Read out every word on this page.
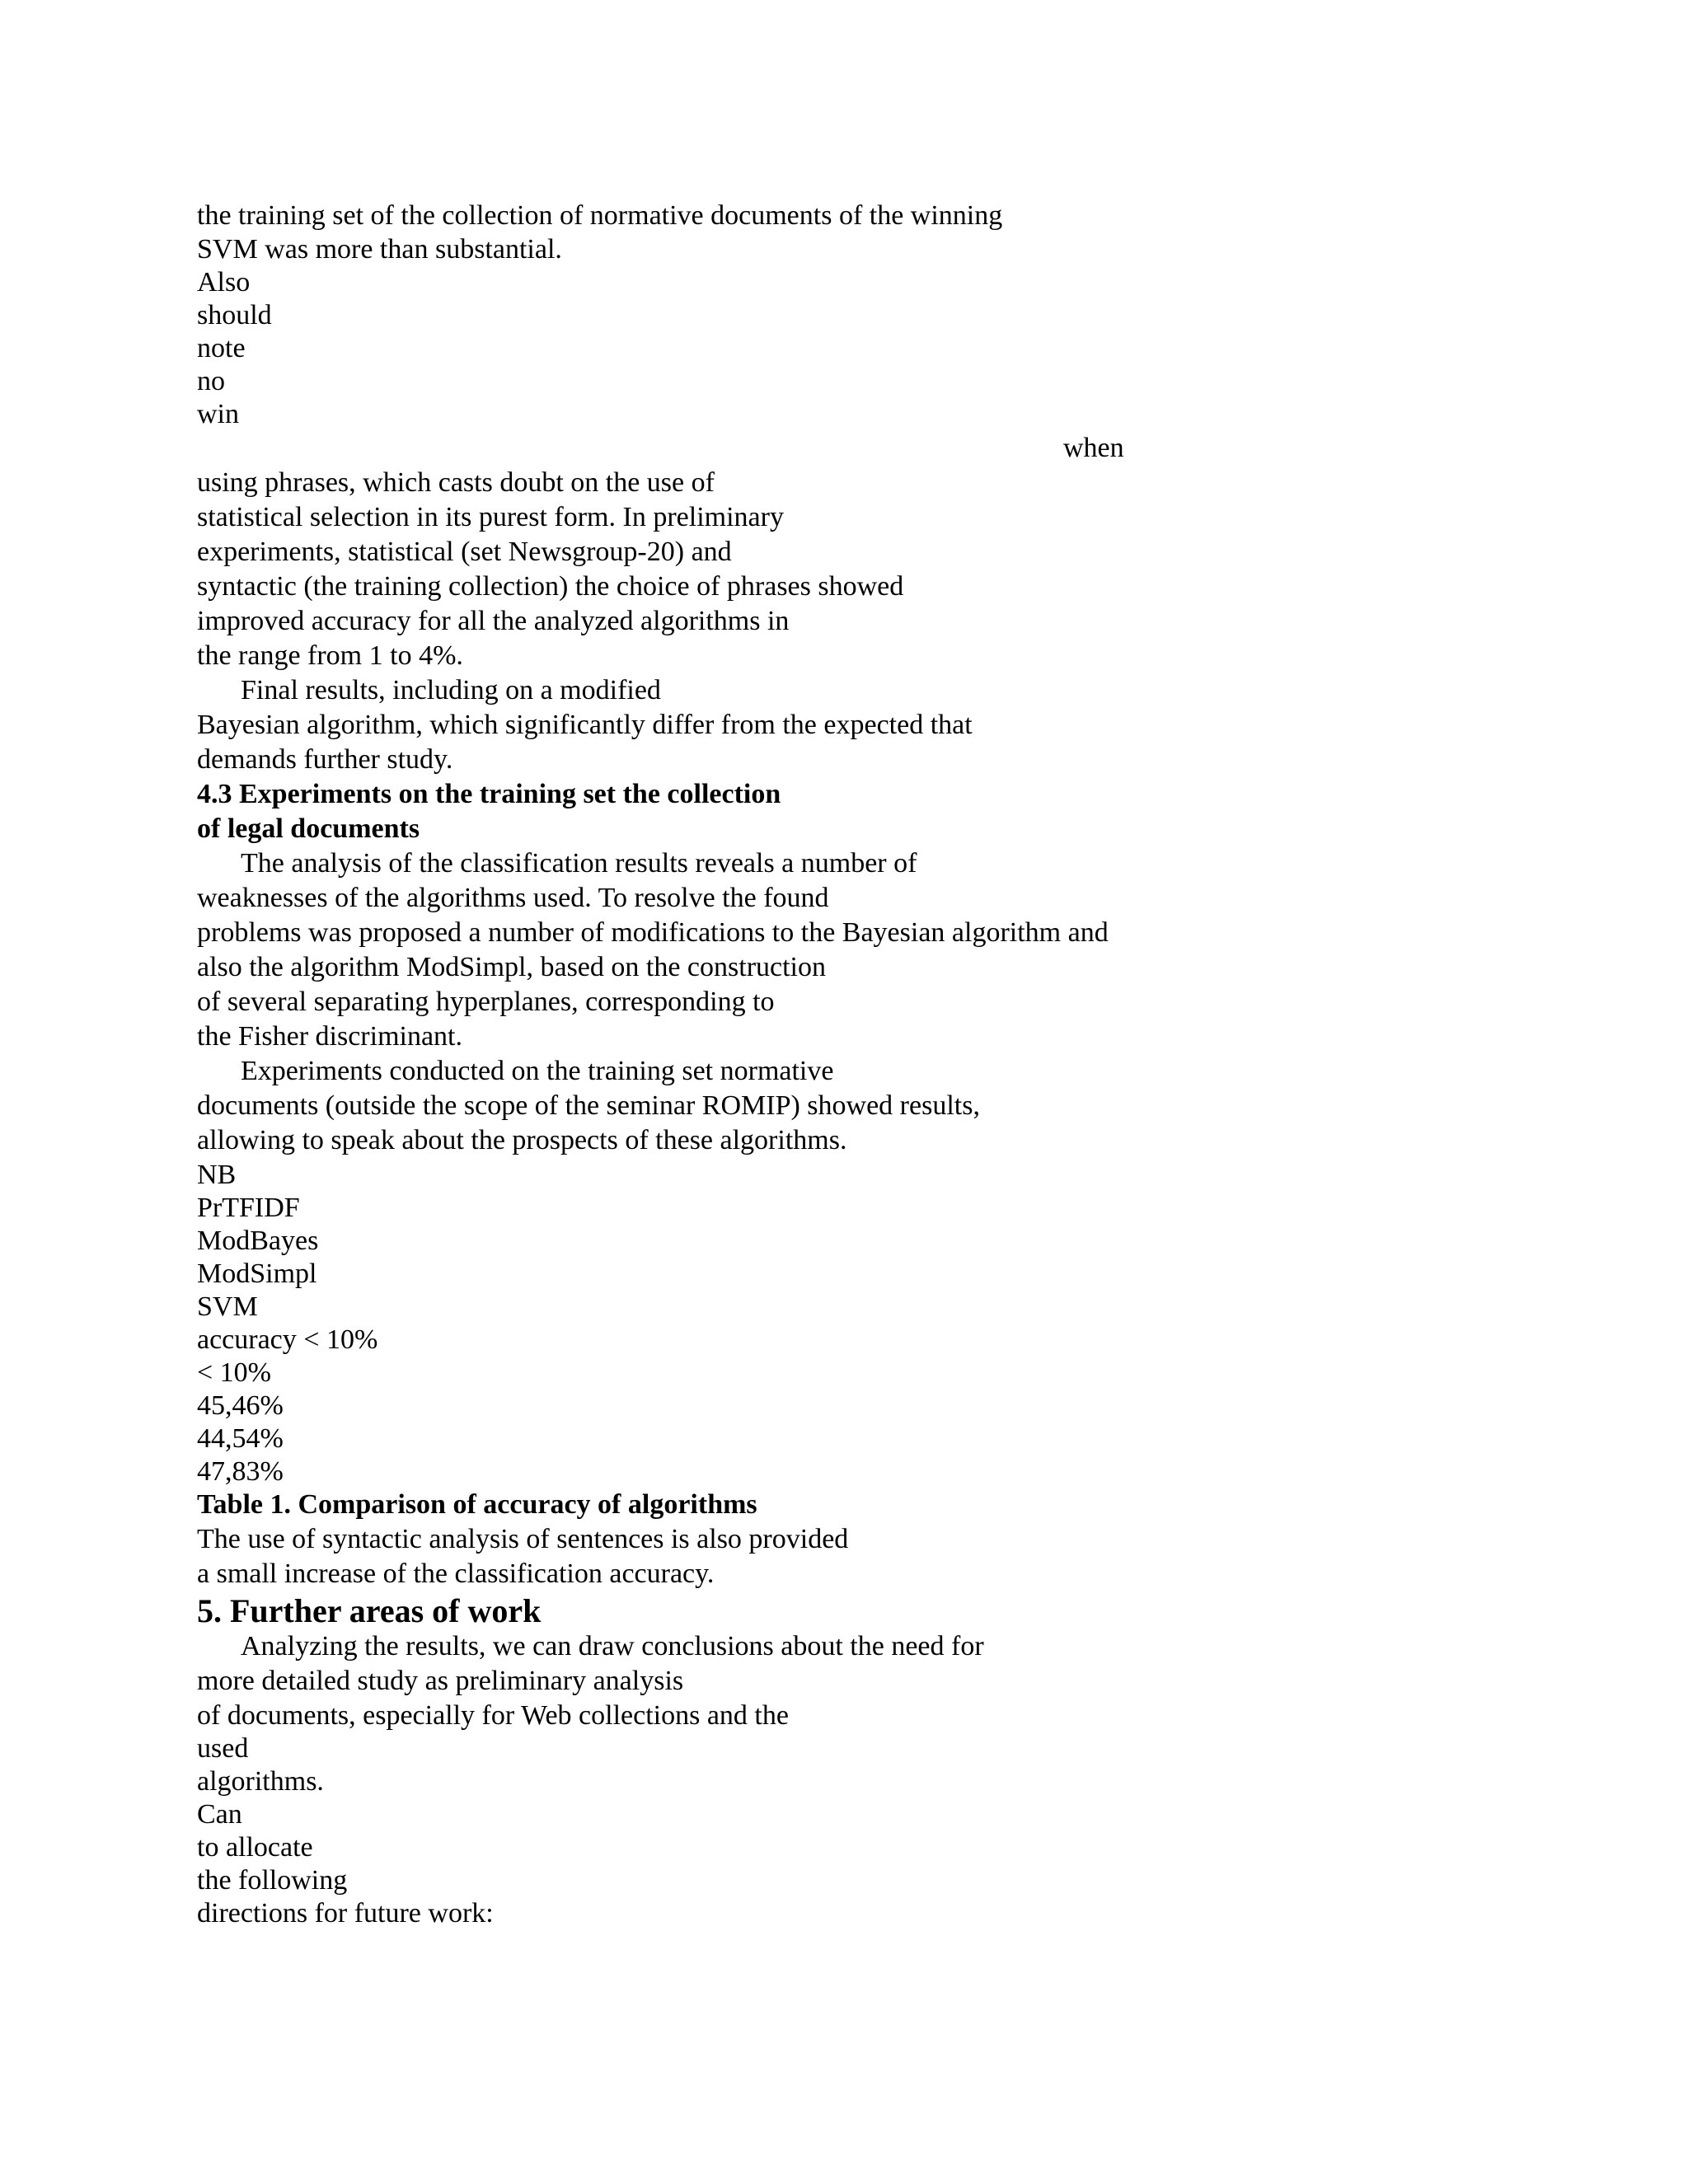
the training set of the collection of normative documents of the winning
SVM was more than substantial.
Also
should
note
no
win
when
using phrases, which casts doubt on the use of
statistical selection in its purest form. In preliminary
experiments, statistical (set Newsgroup-20) and
syntactic (the training collection) the choice of phrases showed
improved accuracy for all the analyzed algorithms in
the range from 1 to 4%.
Final results, including on a modified
Bayesian algorithm, which significantly differ from the expected that
demands further study.
4.3 Experiments on the training set the collection
of legal documents
The analysis of the classification results reveals a number of
weaknesses of the algorithms used. To resolve the found
problems was proposed a number of modifications to the Bayesian algorithm and
also the algorithm ModSimpl, based on the construction
of several separating hyperplanes, corresponding to
the Fisher discriminant.
Experiments conducted on the training set normative
documents (outside the scope of the seminar ROMIP) showed results,
allowing to speak about the prospects of these algorithms.
NB
PrTFIDF
ModBayes
ModSimpl
SVM
accuracy < 10%
< 10%
45,46%
44,54%
47,83%
Table 1. Comparison of accuracy of algorithms
The use of syntactic analysis of sentences is also provided
a small increase of the classification accuracy.
5. Further areas of work
Analyzing the results, we can draw conclusions about the need for
more detailed study as preliminary analysis
of documents, especially for Web collections and the
used
algorithms.
Can
to allocate
the following
directions for future work:
